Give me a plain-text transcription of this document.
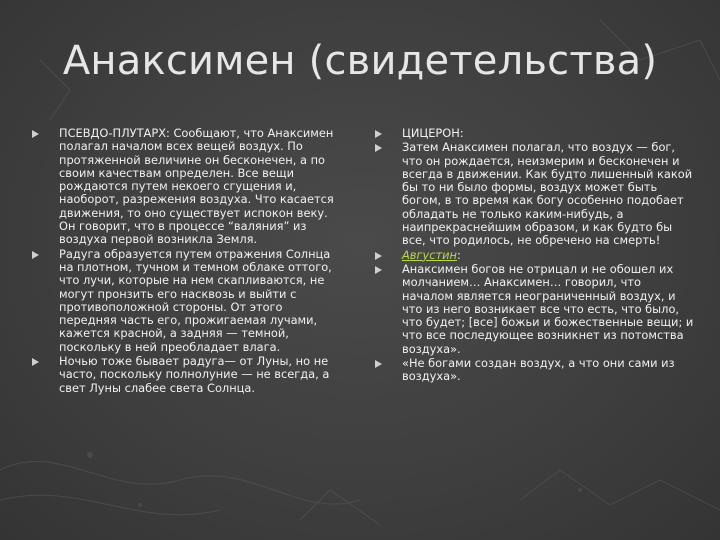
Анаксимен (свидетельства)
ПСЕВДО-ПЛУТАРХ: Сообщают, что Анаксимен полагал началом всех вещей воздух. По протяженной величине он бесконечен, а по своим качествам определен. Все вещи рождаются путем некоего сгущения и, наоборот, разрежения воздуха. Что касается движения, то оно существует испокон веку. Он говорит, что в процессе “валяния” из воздуха первой возникла Земля.
Радуга образуется путем отражения Солнца на плотном, тучном и темном облаке оттого, что лучи, которые на нем скапливаются, не могут пронзить его насквозь и выйти с противоположной стороны. От этого передняя часть его, прожигаемая лучами, кажется красной, а задняя — темной, поскольку в ней преобладает влага.
Ночью тоже бывает радуга— от Луны, но не часто, поскольку полнолуние — не всегда, а свет Луны слабее света Солнца.
ЦИЦЕРОН:
Затем Анаксимен полагал, что воздух — бог, что он рождается, неизмерим и бесконечен и всегда в движении. Как будто лишенный какой бы то ни было формы, воздух может быть богом, в то время как богу особенно подобает обладать не только каким-нибудь, а наипрекраснейшим образом, и как будто бы все, что родилось, не обречено на смерть!
Августин:
Анаксимен богов не отрицал и не обошел их молчанием… Анаксимен… говорил, что началом является неограниченный воздух, и что из него возникает все что есть, что было, что будет; [все] божьи и божественные вещи; и что все последующее возникнет из потомства воздуха».
«Не богами создан воздух, а что они сами из воздуха».
